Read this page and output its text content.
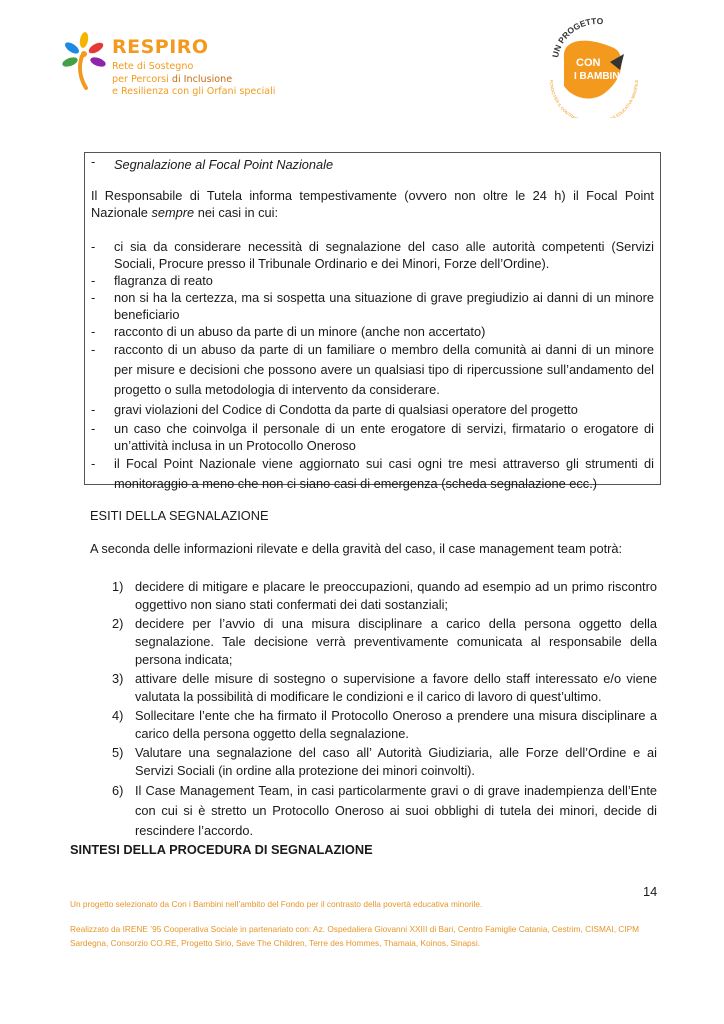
RESPIRO
Rete di Sostegno
per Percorsi di Inclusione
e Resilienza con gli Orfani speciali
UN PROGETTO
CON
I BAMBINI
FONDO PER IL CONTRA À EDUCATIVA MINORILE
- Segnalazione al Focal Point Nazionale

Il Responsabile di Tutela informa tempestivamente (ovvero non oltre le 24 h) il Focal Point Nazionale sempre nei casi in cui:

- ci sia da considerare necessità di segnalazione del caso alle autorità competenti (Servizi Sociali, Procure presso il Tribunale Ordinario e dei Minori, Forze dell’Ordine).
- flagranza di reato
- non si ha la certezza, ma si sospetta una situazione di grave pregiudizio ai danni di un minore beneficiario
- racconto di un abuso da parte di un minore (anche non accertato)
- racconto di un abuso da parte di un familiare o membro della comunità ai danni di un minore per misure e decisioni che possono avere un qualsiasi tipo di ripercussione sull’andamento del progetto o sulla metodologia di intervento da considerare.
- gravi violazioni del Codice di Condotta da parte di qualsiasi operatore del progetto
- un caso che coinvolga il personale di un ente erogatore di servizi, firmatario o erogatore di un’attività inclusa in un Protocollo Oneroso
- il Focal Point Nazionale viene aggiornato sui casi ogni tre mesi attraverso gli strumenti di monitoraggio a meno che non ci siano casi di emergenza (scheda segnalazione ecc.)
ESITI DELLA SEGNALAZIONE
A seconda delle informazioni rilevate e della gravità del caso, il case management team potrà:
1) decidere di mitigare e placare le preoccupazioni, quando ad esempio ad un primo riscontro oggettivo non siano stati confermati dei dati sostanziali;
2) decidere per l’avvio di una misura disciplinare a carico della persona oggetto della segnalazione. Tale decisione verrà preventivamente comunicata al responsabile della persona indicata;
3) attivare delle misure di sostegno o supervisione a favore dello staff interessato e/o viene valutata la possibilità di modificare le condizioni e il carico di lavoro di quest’ultimo.
4) Sollecitare l’ente che ha firmato il Protocollo Oneroso a prendere una misura disciplinare a carico della persona oggetto della segnalazione.
5) Valutare una segnalazione del caso all’ Autorità Giudiziaria, alle Forze dell’Ordine e ai Servizi Sociali (in ordine alla protezione dei minori coinvolti).
6) Il Case Management Team, in casi particolarmente gravi o di grave inadempienza dell’Ente con cui si è stretto un Protocollo Oneroso ai suoi obblighi di tutela dei minori, decide di rescindere l’accordo.
SINTESI DELLA PROCEDURA DI SEGNALAZIONE
14
Un progetto selezionato da Con i Bambini nell’ambito del Fondo per il contrasto della povertà educativa minorile.
Realizzato da IRENE ’95 Cooperativa Sociale in partenariato con: Az. Ospedaliera Giovanni XXIII di Bari, Centro Famiglie Catania, Cestrim, CISMAI, CIPM Sardegna, Consorzio CO.RE, Progetto Sirio, Save The Children, Terre des Hommes, Thamaia, Koinos, Sinapsi.
